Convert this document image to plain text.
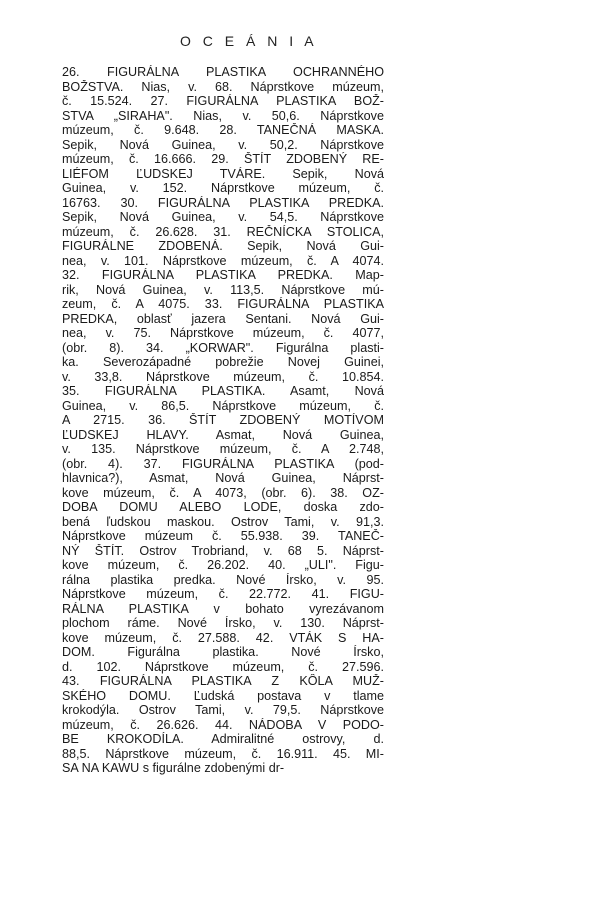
O C E Á N I A
26. FIGURÁLNA PLASTIKA OCHRANNÉHO
BOŽSTVA. Nias, v. 68. Náprstkove múzeum,
č. 15.524. 27. FIGURÁLNA PLASTIKA BOŽ-
STVA „SIRAHA". Nias, v. 50,6. Náprstkove
múzeum, č. 9.648. 28. TANEČNÁ MASKA.
Sepik, Nová Guinea, v. 50,2. Náprstkove
múzeum, č. 16.666. 29. ŠTÍT ZDOBENÝ RE-
LIÉFOM ĽUDSKEJ TVÁRE. Sepik, Nová
Guinea, v. 152. Náprstkove múzeum, č.
16763. 30. FIGURÁLNA PLASTIKA PREDKA.
Sepik, Nová Guinea, v. 54,5. Náprstkove
múzeum, č. 26.628. 31. REČNÍCKA STOLICA,
FIGURÁLNE ZDOBENÁ. Sepik, Nová Gui-
nea, v. 101. Náprstkove múzeum, č. A 4074.
32. FIGURÁLNA PLASTIKA PREDKA. Map-
rik, Nová Guinea, v. 113,5. Náprstkove mú-
zeum, č. A 4075. 33. FIGURÁLNA PLASTIKA
PREDKA, oblasť jazera Sentani. Nová Gui-
nea, v. 75. Náprstkove múzeum, č. 4077,
(obr. 8). 34. „KORWAR". Figurálna plasti-
ka. Severozápadné pobrežie Novej Guinei,
v. 33,8. Náprstkove múzeum, č. 10.854.
35. FIGURÁLNA PLASTIKA. Asamt, Nová
Guinea, v. 86,5. Náprstkove múzeum, č.
A 2715. 36. ŠTÍT ZDOBENÝ MOTÍVOM
ĽUDSKEJ HLAVY. Asmat, Nová Guinea,
v. 135. Náprstkove múzeum, č. A 2.748,
(obr. 4). 37. FIGURÁLNA PLASTIKA (pod-
hlavnica?), Asmat, Nová Guinea, Náprst-
kove múzeum, č. A 4073, (obr. 6). 38. OZ-
DOBA DOMU ALEBO LODE, doska zdo-
bená ľudskou maskou. Ostrov Tami, v. 91,3.
Náprstkove múzeum č. 55.938. 39. TANEČ-
NÝ ŠTÍT. Ostrov Trobriand, v. 68 5. Náprst-
kove múzeum, č. 26.202. 40. „ULI". Figu-
rálna plastika predka. Nové Írsko, v. 95.
Náprstkove múzeum, č. 22.772. 41. FIGU-
RÁLNA PLASTIKA v bohato vyrezávanom
plochom ráme. Nové Írsko, v. 130. Náprst-
kove múzeum, č. 27.588. 42. VTÁK S HA-
DOM. Figurálna plastika. Nové Írsko,
d. 102. Náprstkove múzeum, č. 27.596.
43. FIGURÁLNA PLASTIKA Z KÔLA MUŽ-
SKÉHO DOMU. Ľudská postava v tlame
krokodýla. Ostrov Tami, v. 79,5. Náprstkove
múzeum, č. 26.626. 44. NÁDOBA V PODO-
BE KROKODÍLA. Admiralitné ostrovy, d.
88,5. Náprstkove múzeum, č. 16.911. 45. MI-
SA NA KAWU s figurálne zdobenými dr-
